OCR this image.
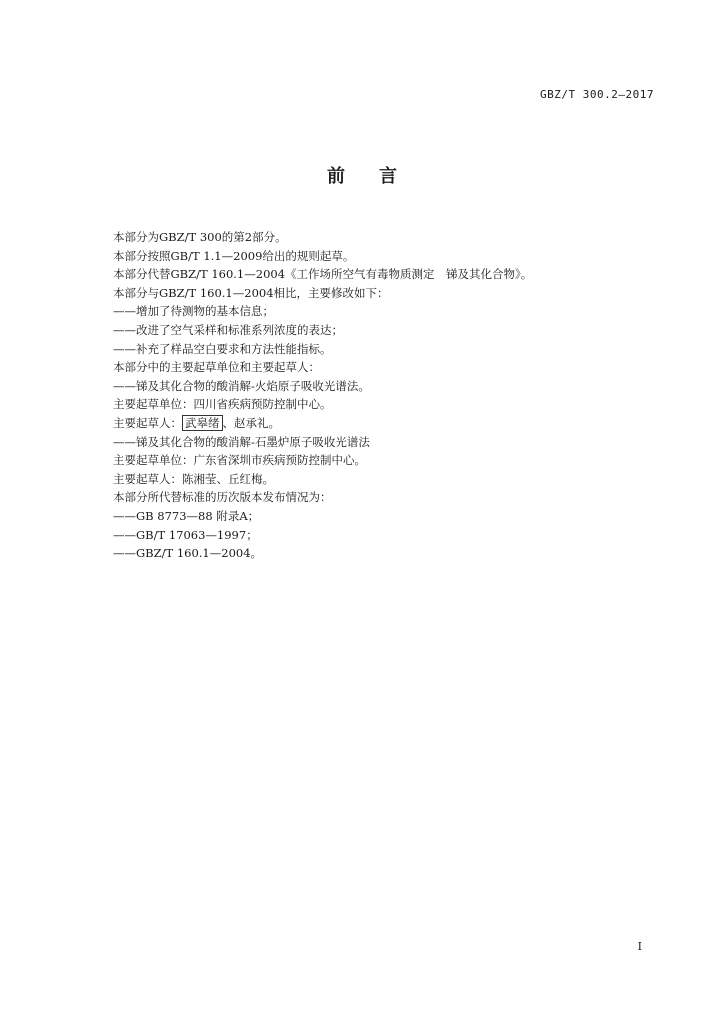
GBZ/T 300.2—2017
前 言
本部分为GBZ/T 300的第2部分。
本部分按照GB/T 1.1—2009给出的规则起草。
本部分代替GBZ/T 160.1—2004《工作场所空气有毒物质测定　锑及其化合物》。
本部分与GBZ/T 160.1—2004相比，主要修改如下：
——增加了待测物的基本信息；
——改进了空气采样和标准系列浓度的表达；
——补充了样品空白要求和方法性能指标。
本部分中的主要起草单位和主要起草人：
——锑及其化合物的酸消解-火焰原子吸收光谱法。
主要起草单位：四川省疾病预防控制中心。
主要起草人： 武皋绪 、赵承礼。
——锑及其化合物的酸消解-石墨炉原子吸收光谱法
主要起草单位：广东省深圳市疾病预防控制中心。
主要起草人：陈湘莹、丘红梅。
本部分所代替标准的历次版本发布情况为：
——GB 8773—88 附录A；
——GB/T 17063—1997；
——GBZ/T 160.1—2004。
I
